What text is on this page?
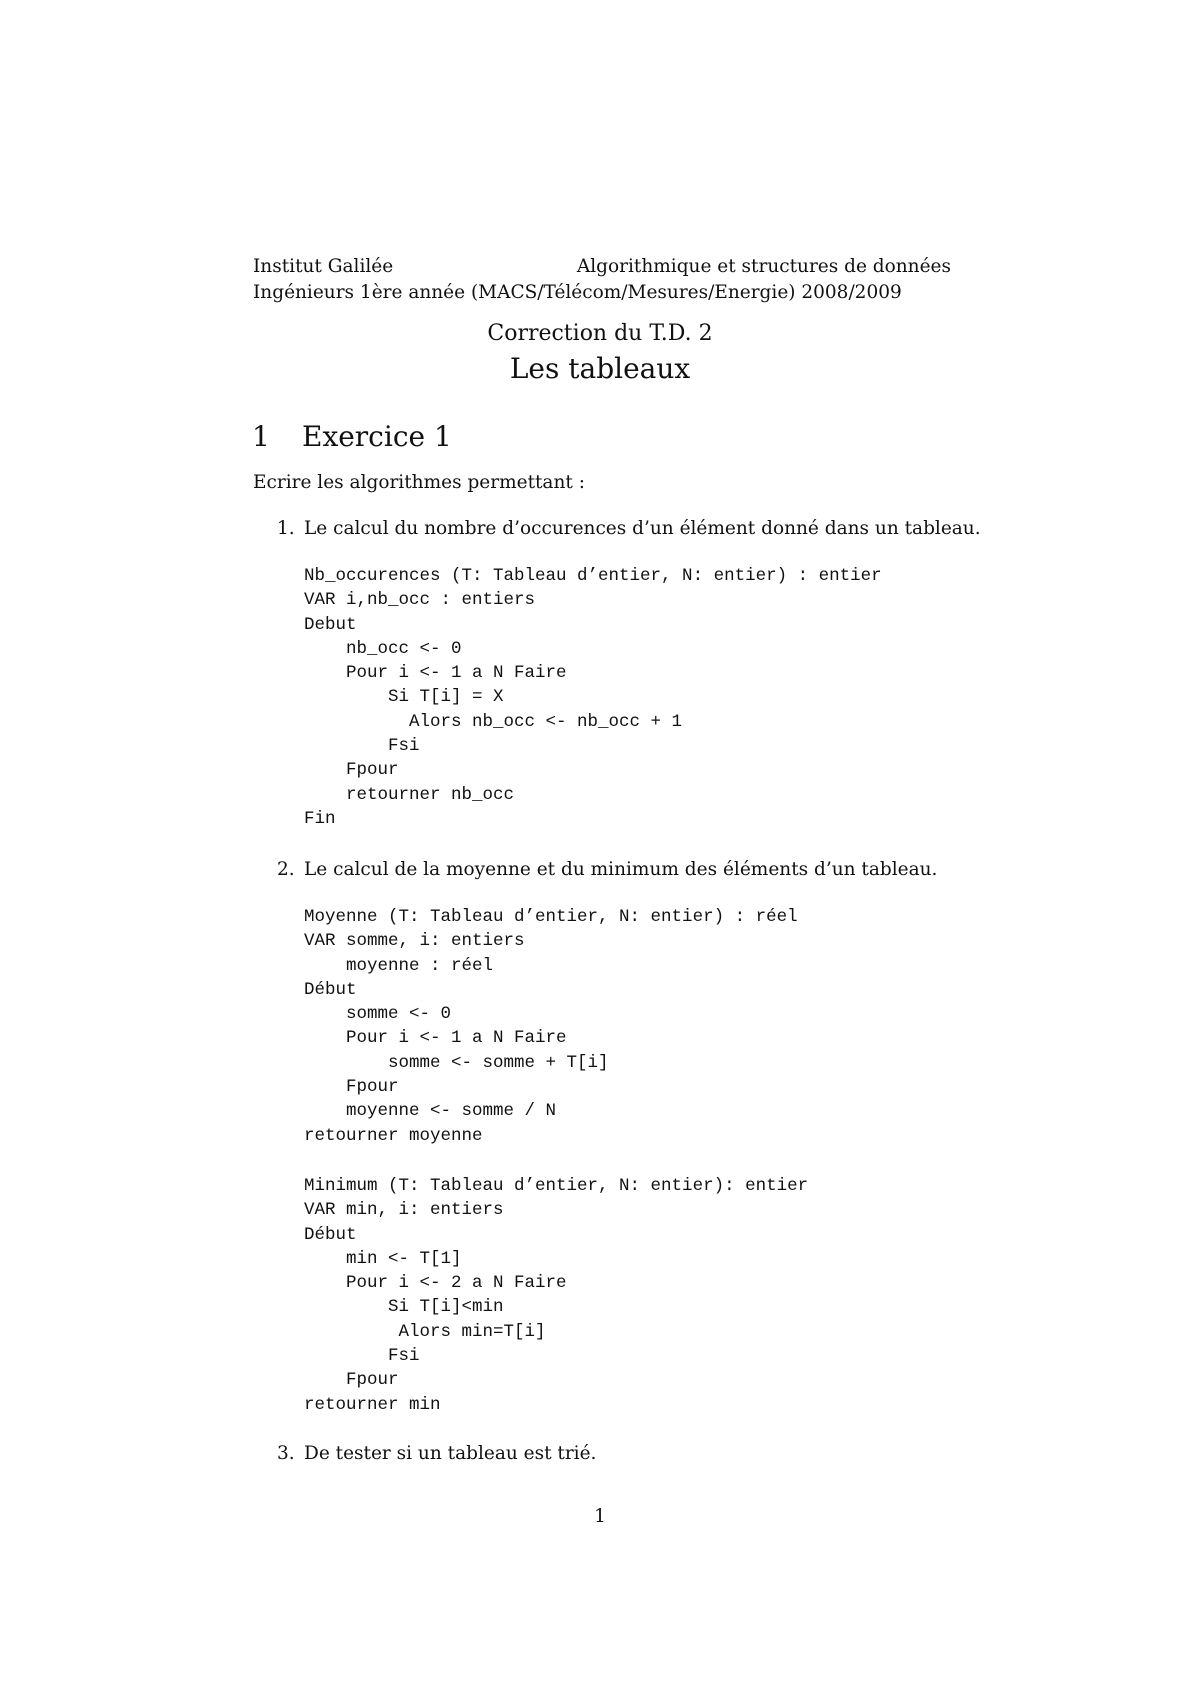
Institut Galilée	Algorithmique et structures de données
Ingénieurs 1ère année (MACS/Télécom/Mesures/Energie) 2008/2009
Correction du T.D. 2
Les tableaux
1 Exercice 1
Ecrire les algorithmes permettant :
1. Le calcul du nombre d’occurences d’un élément donné dans un tableau.
Nb_occurences (T: Tableau d’entier, N: entier) : entier
VAR i,nb_occ : entiers
Debut
nb_occ <- 0
Pour i <- 1 a N Faire
Si T[i] = X
Alors nb_occ <- nb_occ + 1
Fsi
Fpour
retourner nb_occ
Fin
2. Le calcul de la moyenne et du minimum des éléments d’un tableau.
Moyenne (T: Tableau d’entier, N: entier) : réel
VAR somme, i: entiers
moyenne : réel
Début
somme <- 0
Pour i <- 1 a N Faire
somme <- somme + T[i]
Fpour
moyenne <- somme / N
retourner moyenne
Minimum (T: Tableau d’entier, N: entier): entier
VAR min, i: entiers
Début
min <- T[1]
Pour i <- 2 a N Faire
Si T[i]<min
Alors min=T[i]
Fsi
Fpour
retourner min
3. De tester si un tableau est trié.
1
